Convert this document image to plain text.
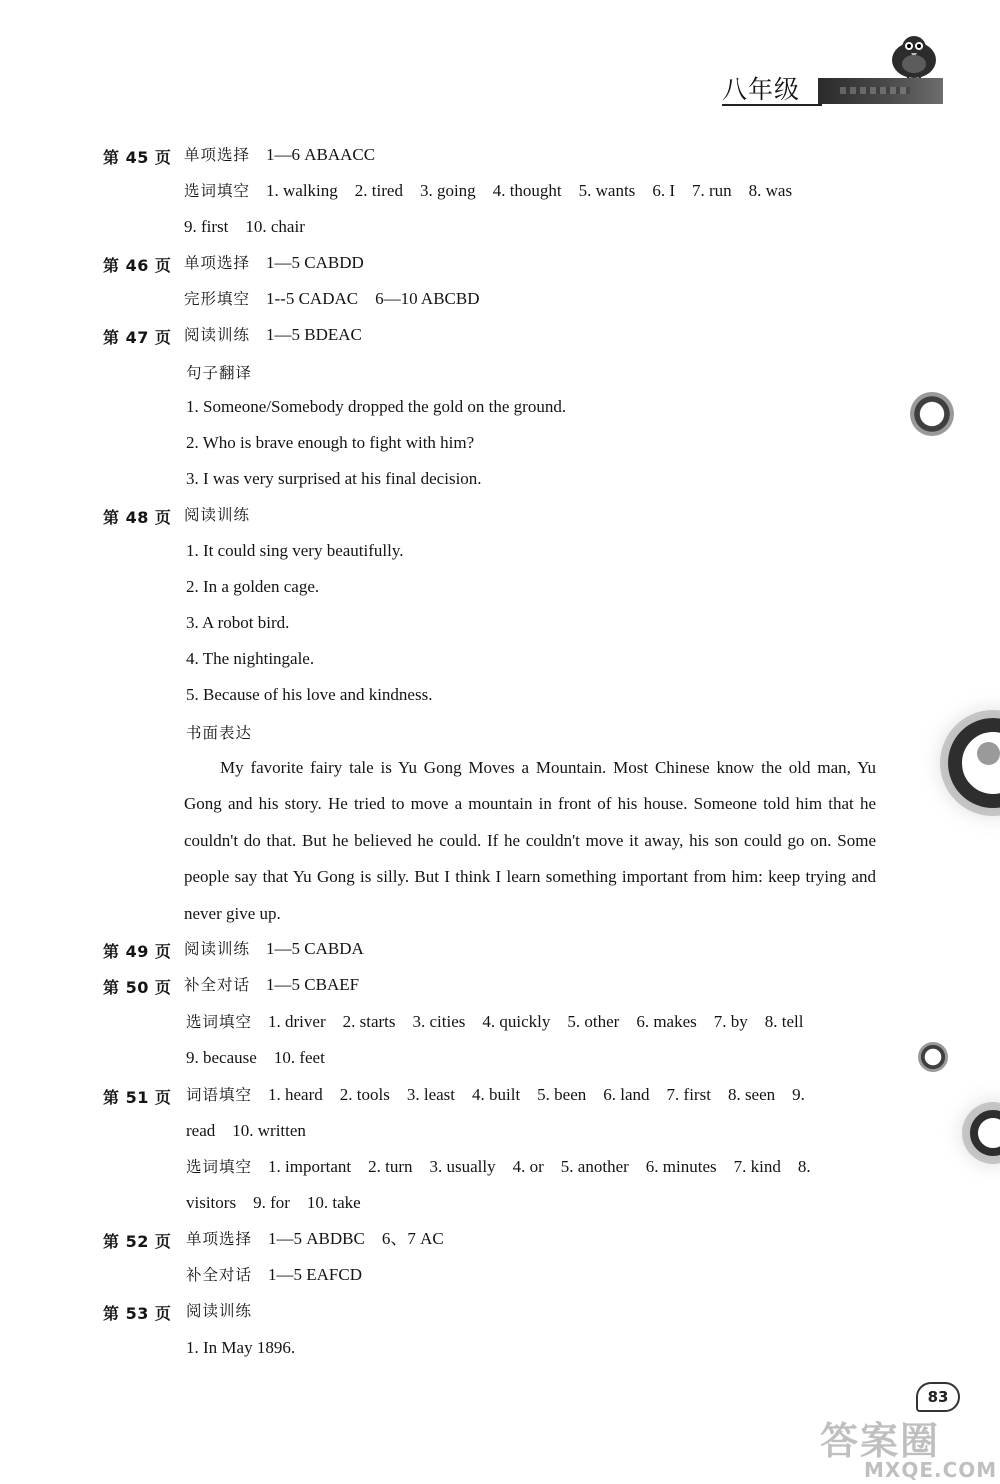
八年级
第 45 页 单项选择 1—6 ABAACC
选词填空 1. walking 2. tired 3. going 4. thought 5. wants 6. I 7. run 8. was
9. first 10. chair
第 46 页 单项选择 1—5 CABDD
完形填空 1--5 CADAC 6—10 ABCBD
第 47 页 阅读训练 1—5 BDEAC
句子翻译
1. Someone/Somebody dropped the gold on the ground.
2. Who is brave enough to fight with him?
3. I was very surprised at his final decision.
第 48 页 阅读训练
1. It could sing very beautifully.
2. In a golden cage.
3. A robot bird.
4. The nightingale.
5. Because of his love and kindness.
书面表达

My favorite fairy tale is Yu Gong Moves a Mountain. Most Chinese know the old man, Yu Gong and his story. He tried to move a mountain in front of his house. Someone told him that he couldn't do that. But he believed he could. If he couldn't move it away, his son could go on. Some people say that Yu Gong is silly. But I think I learn something important from him: keep trying and never give up.

第 49 页 阅读训练 1—5 CABDA
第 50 页 补全对话 1—5 CBAEF
选词填空 1. driver 2. starts 3. cities 4. quickly 5. other 6. makes 7. by 8. tell
9. because 10. feet
第 51 页 词语填空 1. heard 2. tools 3. least 4. built 5. been 6. land 7. first 8. seen 9.
read 10. written
选词填空 1. important 2. turn 3. usually 4. or 5. another 6. minutes 7. kind 8.
visitors 9. for 10. take
第 52 页 单项选择 1—5 ABDBC 6、7 AC
补全对话 1—5 EAFCD
第 53 页 阅读训练
1. In May 1896.
83
答案圈
MXQE.COM
